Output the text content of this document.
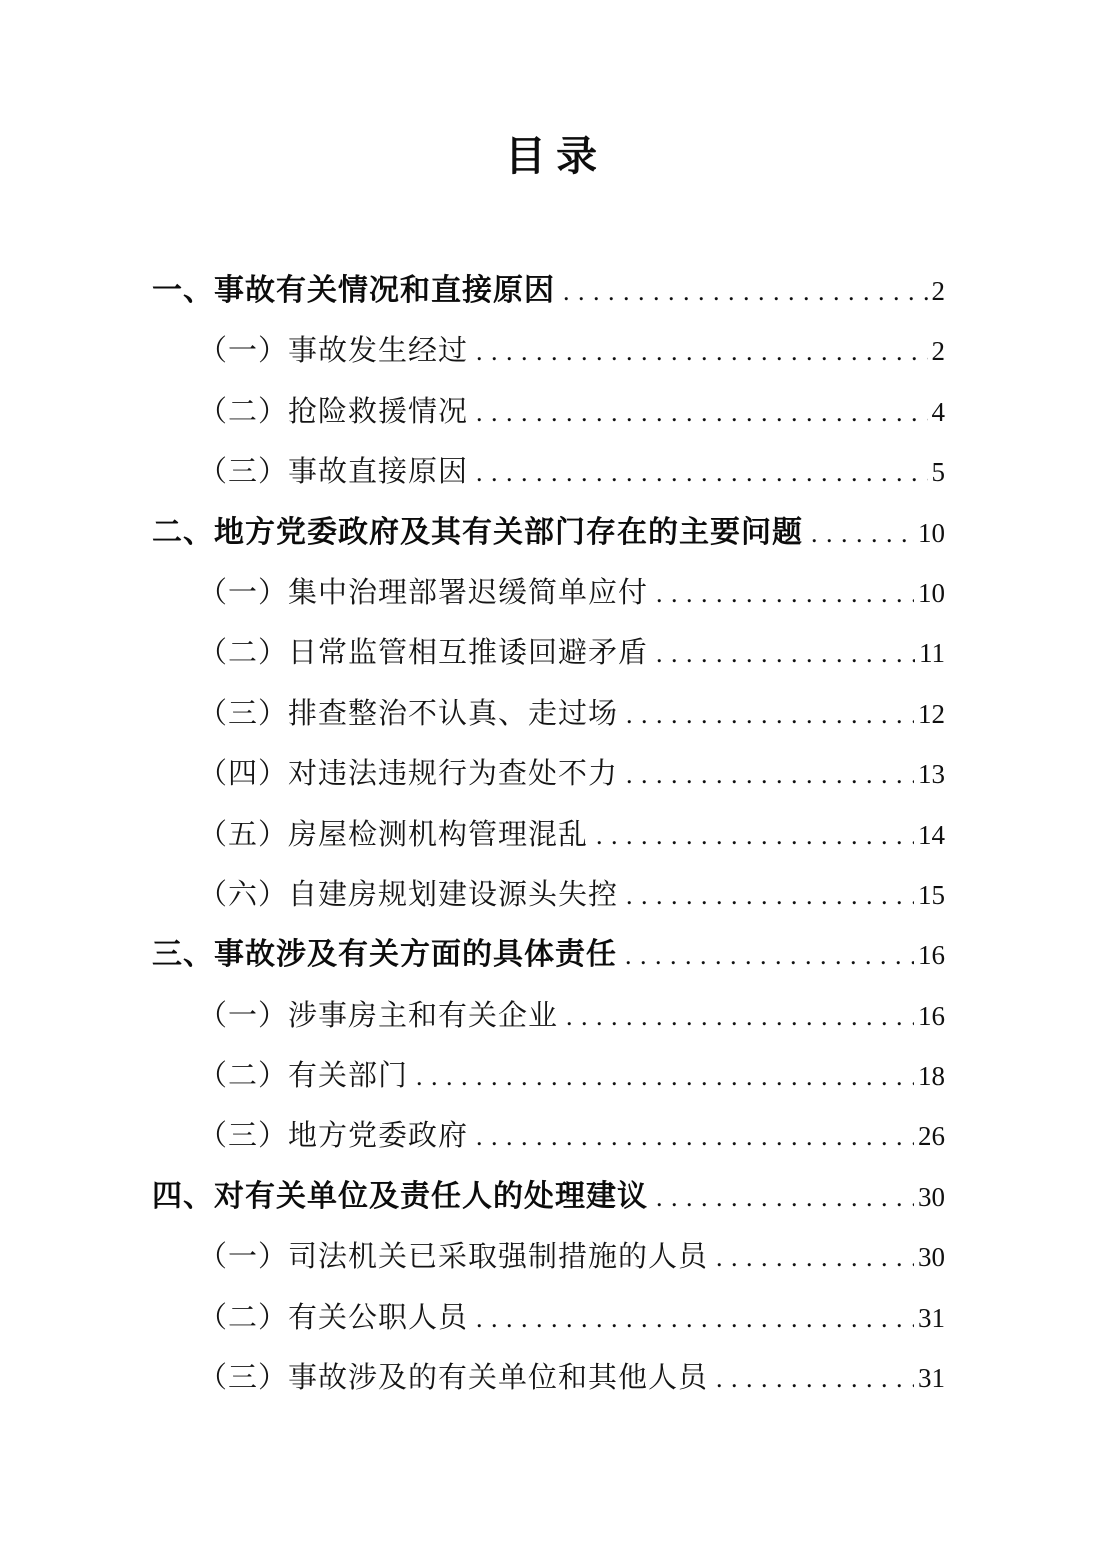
目 录
一、事故有关情况和直接原因 . . .	2
（一）事故发生经过 . . .	2
（二）抢险救援情况 . . .	4
（三）事故直接原因 . . .	5
二、地方党委政府及其有关部门存在的主要问题 . . .	10
（一）集中治理部署迟缓简单应付 . . .	10
（二）日常监管相互推诿回避矛盾 . . .	11
（三）排查整治不认真、走过场 . . .	12
（四）对违法违规行为查处不力 . . .	13
（五）房屋检测机构管理混乱 . . .	14
（六）自建房规划建设源头失控 . . .	15
三、事故涉及有关方面的具体责任 . . .	16
（一）涉事房主和有关企业 . . .	16
（二）有关部门 . . .	18
（三）地方党委政府 . . .	26
四、对有关单位及责任人的处理建议 . . .	30
（一）司法机关已采取强制措施的人员 . . .	30
（二）有关公职人员 . . .	31
（三）事故涉及的有关单位和其他人员 . . .	31
